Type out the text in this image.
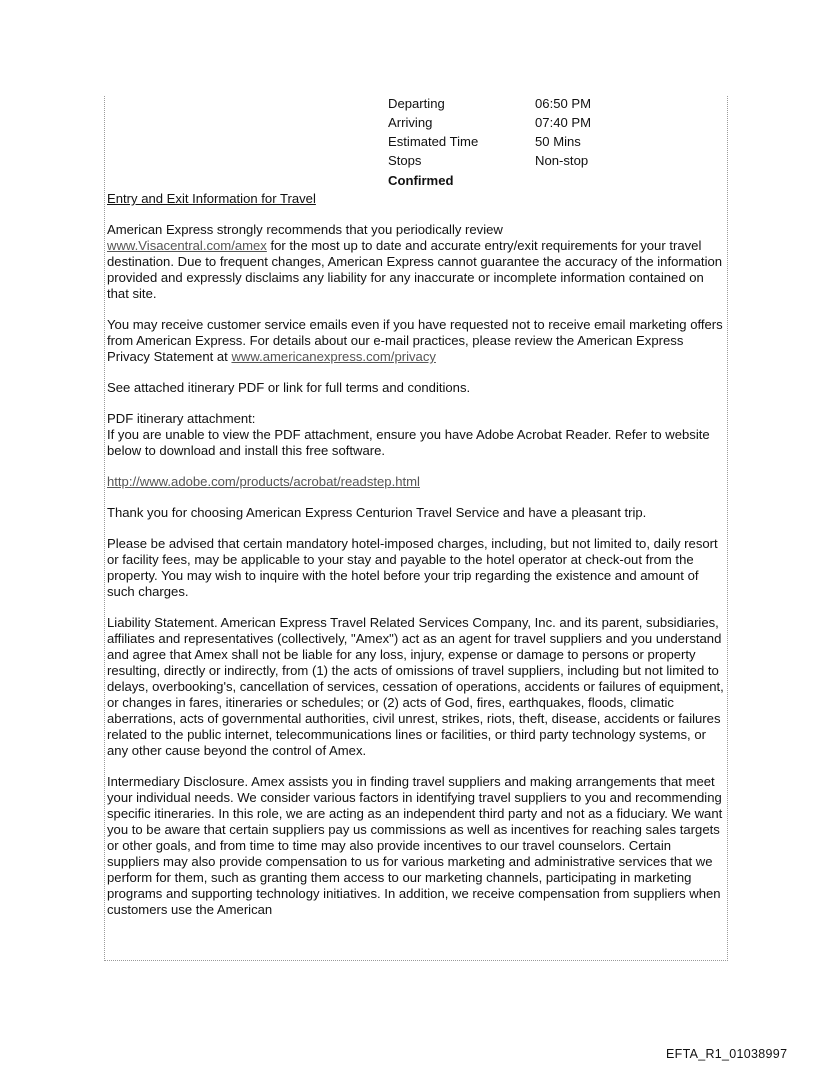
Departing	06:50 PM
Arriving	07:40 PM
Estimated Time	50 Mins
Stops	Non-stop
Confirmed

Entry and Exit Information for Travel

American Express strongly recommends that you periodically review
www.Visacentral.com/amex for the most up to date and accurate entry/exit requirements for your travel destination. Due to frequent changes, American Express cannot guarantee the accuracy of the information provided and expressly disclaims any liability for any inaccurate or incomplete information contained on that site.

You may receive customer service emails even if you have requested not to receive email marketing offers from American Express. For details about our e-mail practices, please review the American Express Privacy Statement at www.americanexpress.com/privacy

See attached itinerary PDF or link for full terms and conditions.

PDF itinerary attachment:

If you are unable to view the PDF attachment, ensure you have Adobe Acrobat Reader. Refer to website below to download and install this free software.

http://www.adobe.com/products/acrobat/readstep.html

Thank you for choosing American Express Centurion Travel Service and have a pleasant trip.

Please be advised that certain mandatory hotel-imposed charges, including, but not limited to, daily resort or facility fees, may be applicable to your stay and payable to the hotel operator at check-out from the property. You may wish to inquire with the hotel before your trip regarding the existence and amount of such charges.

Liability Statement. American Express Travel Related Services Company, Inc. and its parent, subsidiaries, affiliates and representatives (collectively, "Amex") act as an agent for travel suppliers and you understand and agree that Amex shall not be liable for any loss, injury, expense or damage to persons or property resulting, directly or indirectly, from (1) the acts of omissions of travel suppliers, including but not limited to delays, overbooking's, cancellation of services, cessation of operations, accidents or failures of equipment, or changes in fares, itineraries or schedules; or (2) acts of God, fires, earthquakes, floods, climatic aberrations, acts of governmental authorities, civil unrest, strikes, riots, theft, disease, accidents or failures related to the public internet, telecommunications lines or facilities, or third party technology systems, or any other cause beyond the control of Amex.

Intermediary Disclosure. Amex assists you in finding travel suppliers and making arrangements that meet your individual needs. We consider various factors in identifying travel suppliers to you and recommending specific itineraries. In this role, we are acting as an independent third party and not as a fiduciary. We want you to be aware that certain suppliers pay us commissions as well as incentives for reaching sales targets or other goals, and from time to time may also provide incentives to our travel counselors. Certain suppliers may also provide compensation to us for various marketing and administrative services that we perform for them, such as granting them access to our marketing channels, participating in marketing programs and supporting technology initiatives. In addition, we receive compensation from suppliers when customers use the American

EFTA_R1_01038997
